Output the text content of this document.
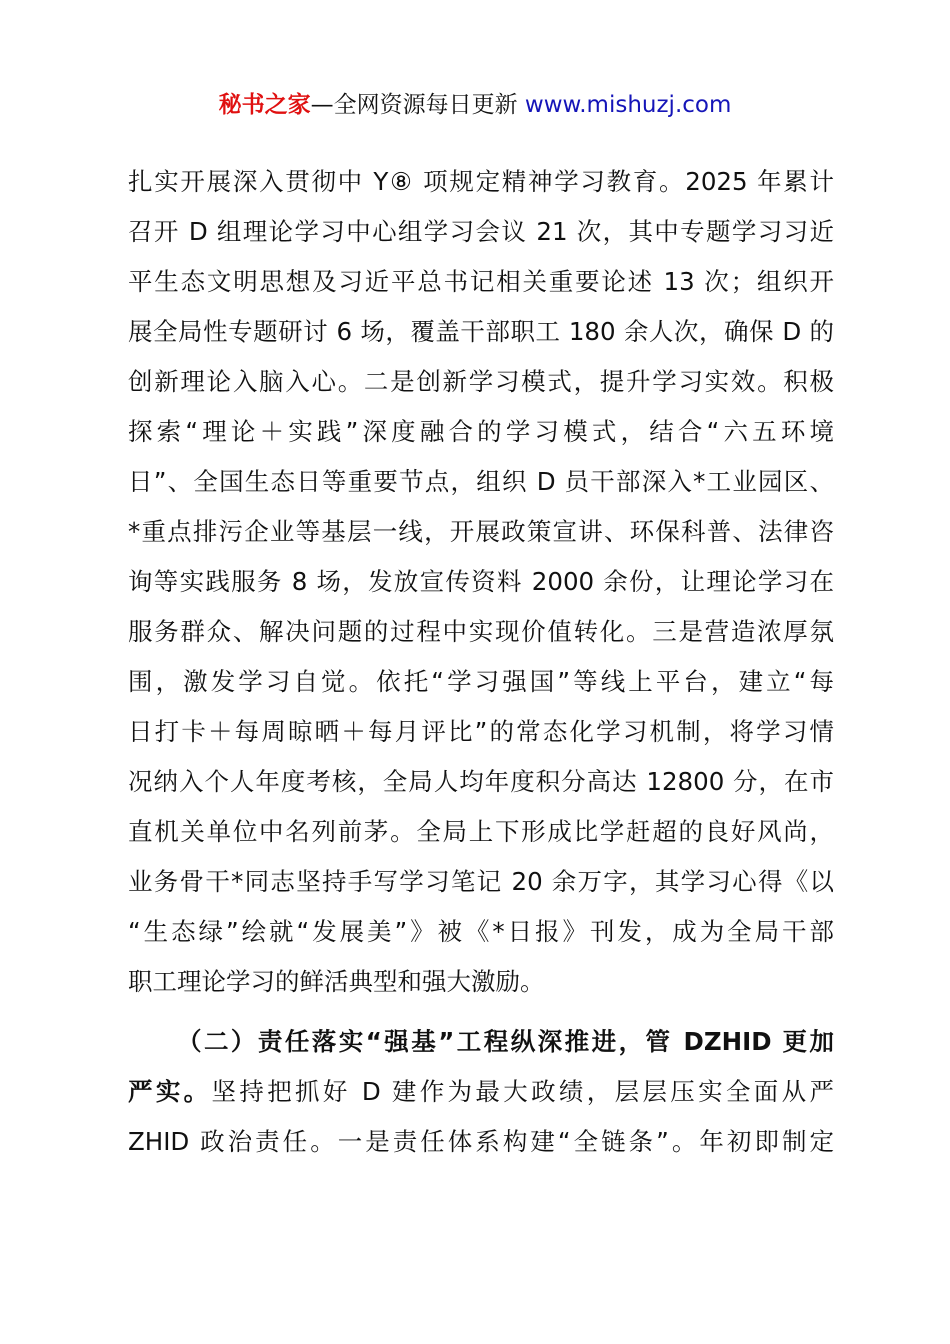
秘书之家—全网资源每日更新 www.mishuzj.com
扎实开展深入贯彻中 Y⑧ 项规定精神学习教育。2025 年累计
召开 D 组理论学习中心组学习会议 21 次，其中专题学习习近
平生态文明思想及习近平总书记相关重要论述 13 次；组织开
展全局性专题研讨 6 场，覆盖干部职工 180 余人次，确保 D 的
创新理论入脑入心。二是创新学习模式，提升学习实效。积极
探索“理论＋实践”深度融合的学习模式，结合“六五环境
日”、全国生态日等重要节点，组织 D 员干部深入*工业园区、
*重点排污企业等基层一线，开展政策宣讲、环保科普、法律咨
询等实践服务 8 场，发放宣传资料 2000 余份，让理论学习在
服务群众、解决问题的过程中实现价值转化。三是营造浓厚氛
围，激发学习自觉。依托“学习强国”等线上平台，建立“每
日打卡＋每周晾晒＋每月评比”的常态化学习机制，将学习情
况纳入个人年度考核，全局人均年度积分高达 12800 分，在市
直机关单位中名列前茅。全局上下形成比学赶超的良好风尚，
业务骨干*同志坚持手写学习笔记 20 余万字，其学习心得《以
“生态绿”绘就“发展美”》被《*日报》刊发，成为全局干部
职工理论学习的鲜活典型和强大激励。
（二）责任落实“强基”工程纵深推进，管 DZHID 更加
严实。坚持把抓好 D 建作为最大政绩，层层压实全面从严
ZHID 政治责任。一是责任体系构建“全链条”。年初即制定
